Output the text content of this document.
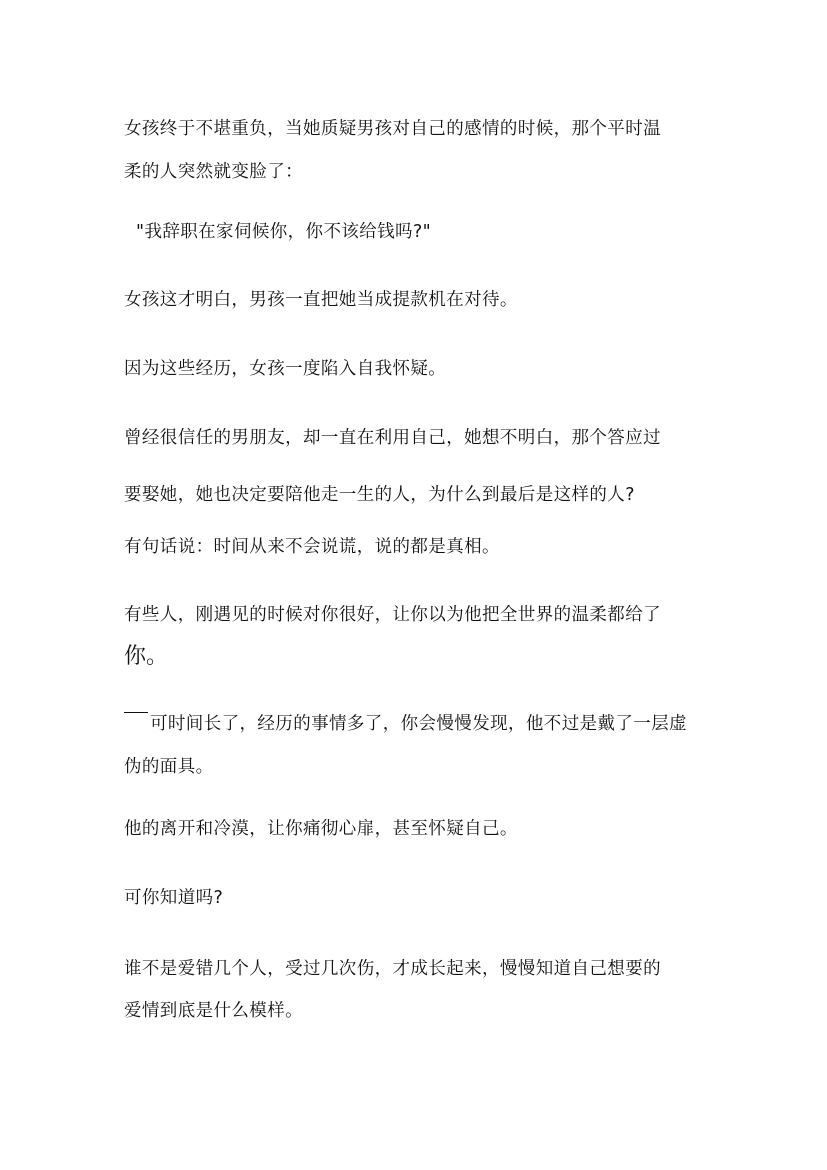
女孩终于不堪重负，当她质疑男孩对自己的感情的时候，那个平时温
柔的人突然就变脸了：
"我辞职在家伺候你，你不该给钱吗?"
女孩这才明白，男孩一直把她当成提款机在对待。
因为这些经历，女孩一度陷入自我怀疑。
曾经很信任的男朋友，却一直在利用自己，她想不明白，那个答应过
要娶她，她也决定要陪他走一生的人，为什么到最后是这样的人?
有句话说：时间从来不会说谎，说的都是真相。
有些人，刚遇见的时候对你很好，让你以为他把全世界的温柔都给了
你。
可时间长了，经历的事情多了，你会慢慢发现，他不过是戴了一层虚
伪的面具。
他的离开和冷漠，让你痛彻心扉，甚至怀疑自己。
可你知道吗?
谁不是爱错几个人，受过几次伤，才成长起来，慢慢知道自己想要的
爱情到底是什么模样。
